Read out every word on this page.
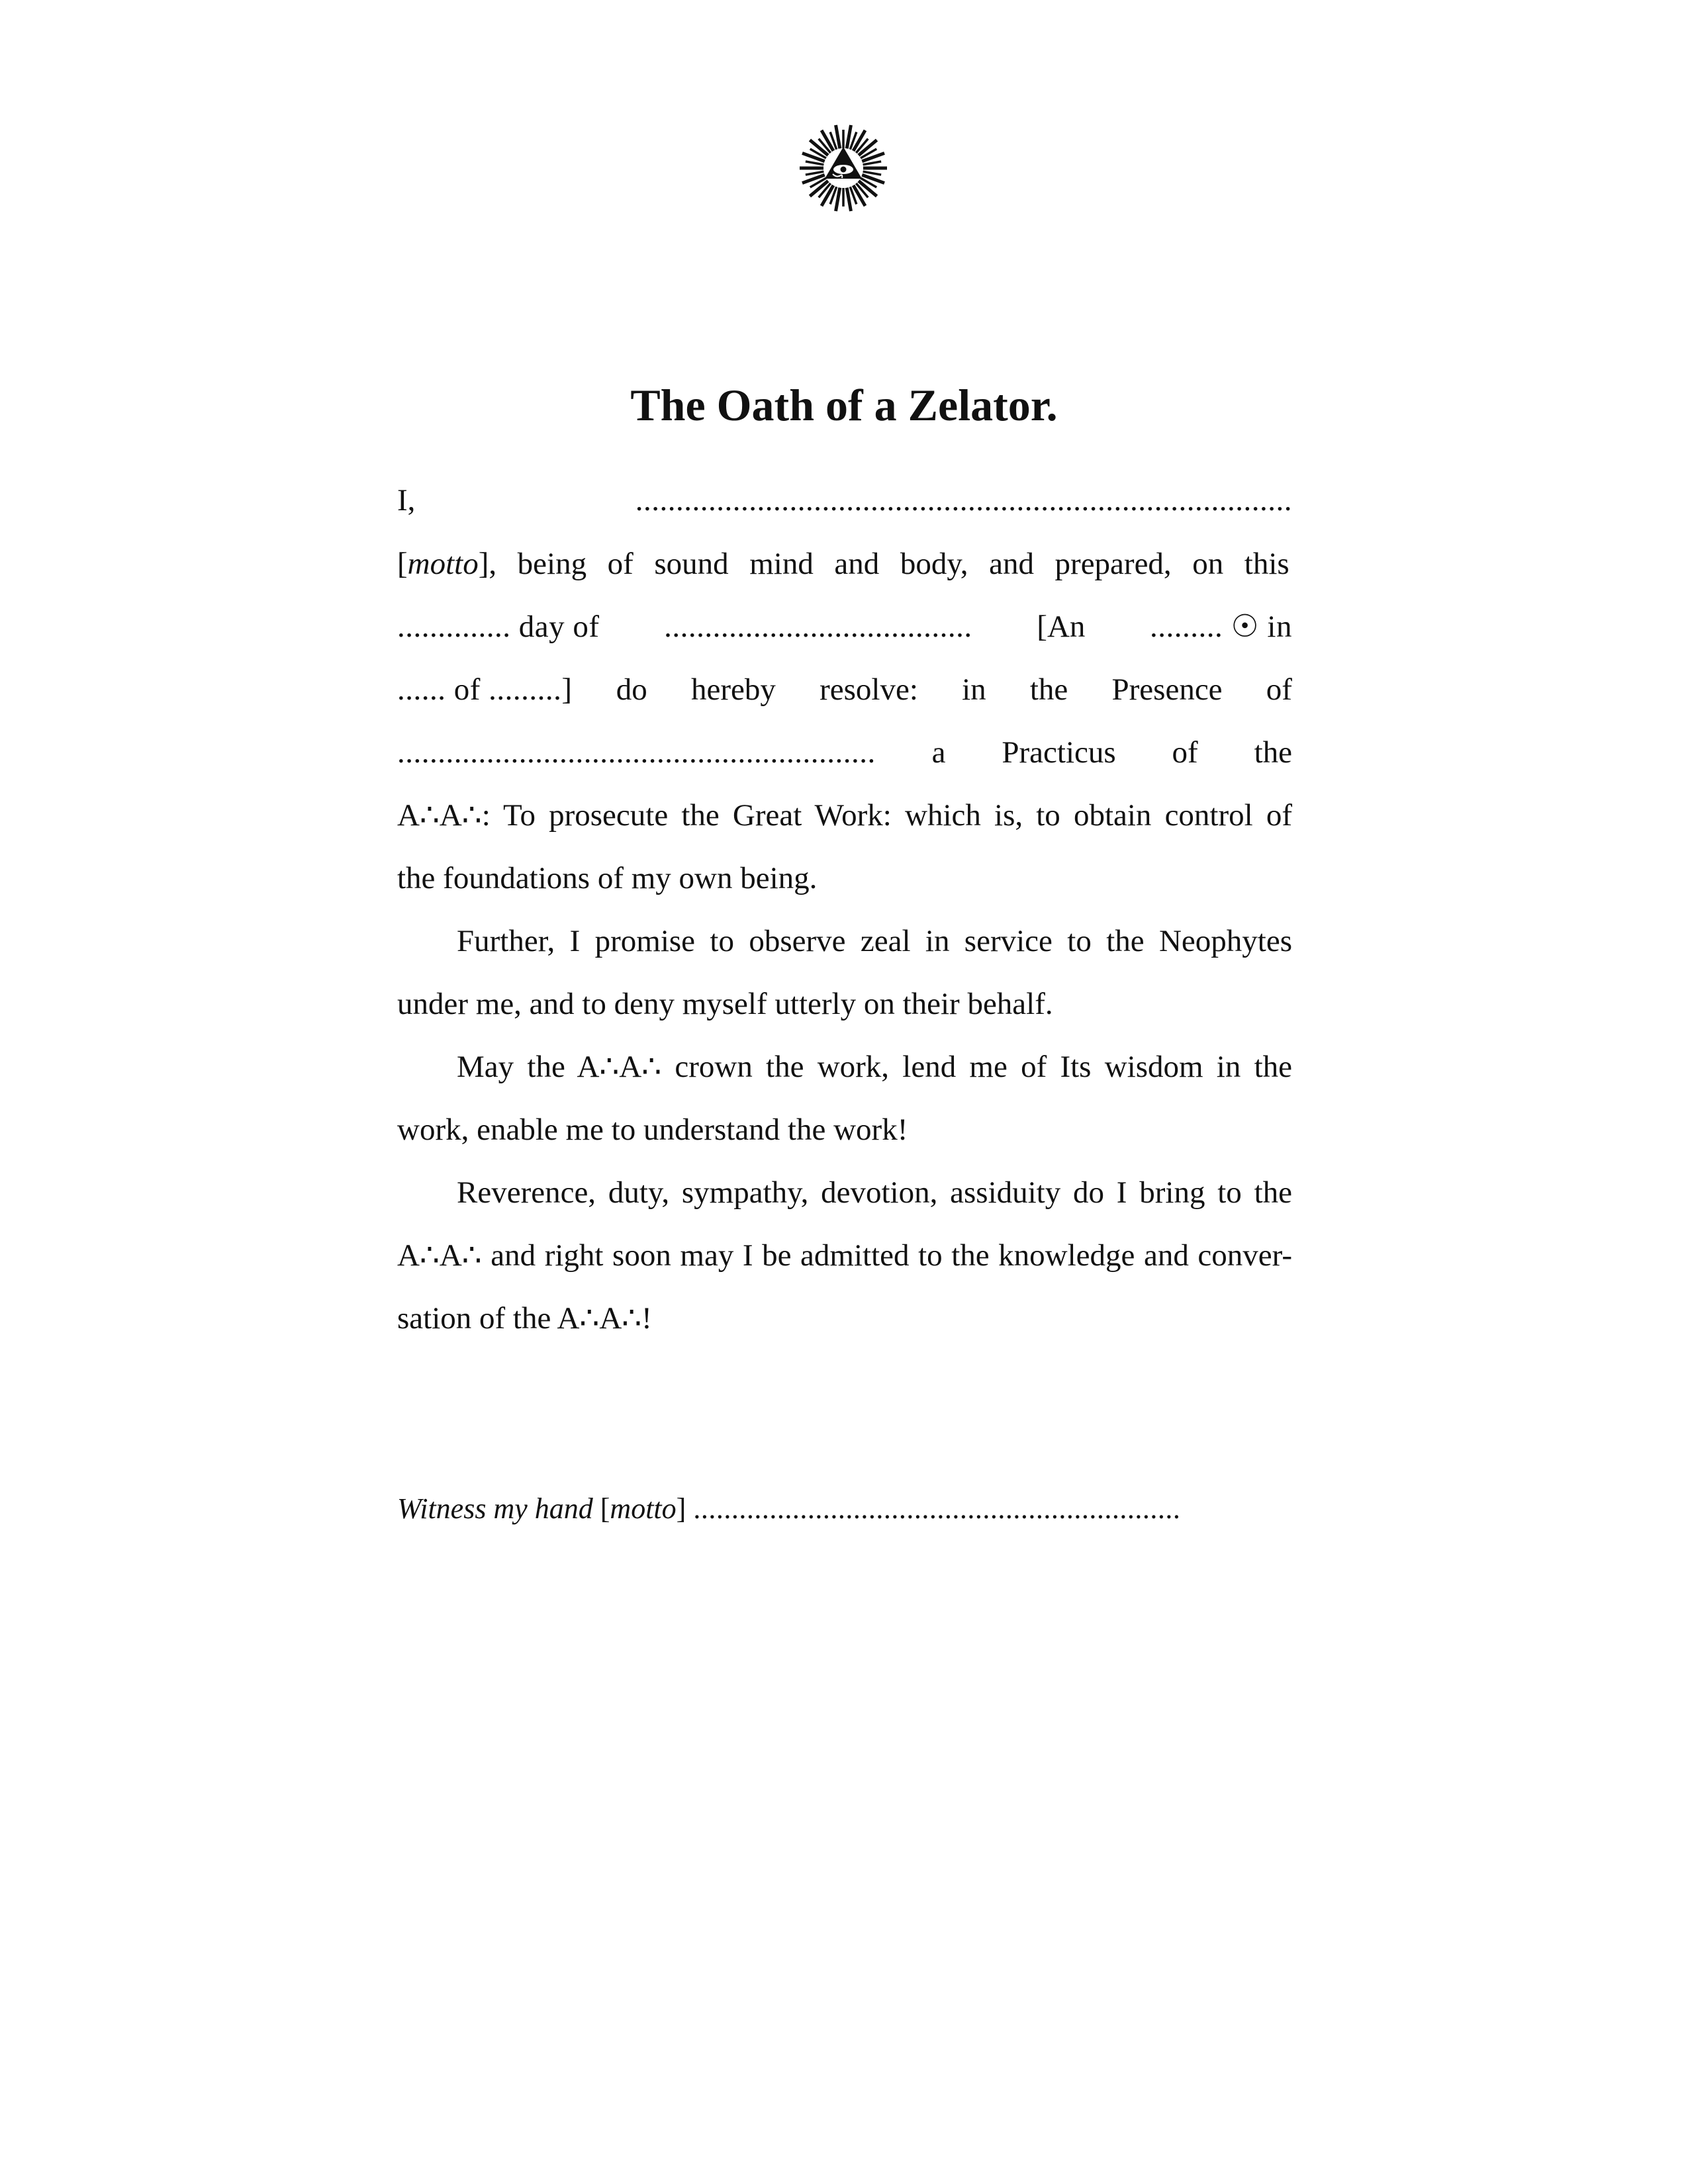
The Oath of a Zelator.
I,	.................................................................................
[motto], being of sound mind and body, and prepared, on this
.............. day of ...................................... [An ......... ☉ in
...... of .........] do hereby resolve: in the Presence of
........................................................... a Practicus of the
A∴A∴: To prosecute the Great Work: which is, to obtain control of
the foundations of my own being.
Further, I promise to observe zeal in service to the Neophytes
under me, and to deny myself utterly on their behalf.
May the A∴A∴ crown the work, lend me of Its wisdom in the
work, enable me to understand the work!
Reverence, duty, sympathy, devotion, assiduity do I bring to the
A∴A∴ and right soon may I be admitted to the knowledge and conver-
sation of the A∴A∴!
Witness my hand [motto] ................................................................
